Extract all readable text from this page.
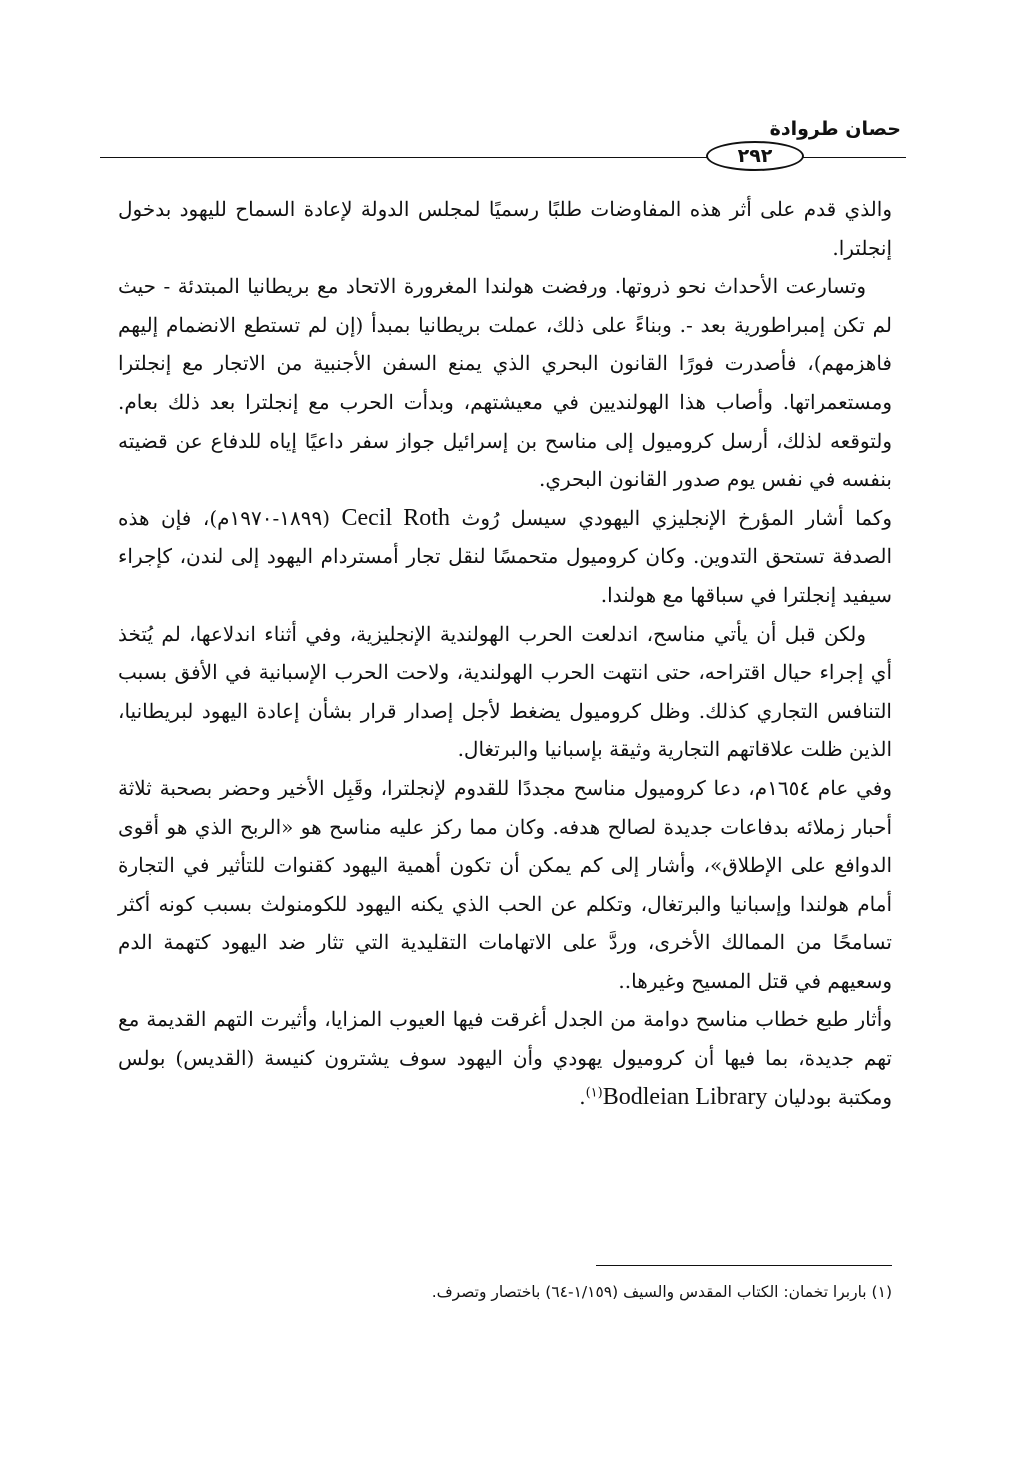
حصان طروادة
٢٩٢

والذي قدم على أثر هذه المفاوضات طلبًا رسميًا لمجلس الدولة لإعادة السماح لليهود بدخول إنجلترا.

وتسارعت الأحداث نحو ذروتها. ورفضت هولندا المغرورة الاتحاد مع بريطانيا المبتدئة - حيث لم تكن إمبراطورية بعد -. وبناءً على ذلك، عملت بريطانيا بمبدأ (إن لم تستطع الانضمام إليهم فاهزمهم)، فأصدرت فورًا القانون البحري الذي يمنع السفن الأجنبية من الاتجار مع إنجلترا ومستعمراتها. وأصاب هذا الهولنديين في معيشتهم، وبدأت الحرب مع إنجلترا بعد ذلك بعام. ولتوقعه لذلك، أرسل كروميول إلى مناسح بن إسرائيل جواز سفر داعيًا إياه للدفاع عن قضيته بنفسه في نفس يوم صدور القانون البحري.

وكما أشار المؤرخ الإنجليزي اليهودي سيسل رُوث Cecil Roth (١٨٩٩-١٩٧٠م)، فإن هذه الصدفة تستحق التدوين. وكان كروميول متحمسًا لنقل تجار أمستردام اليهود إلى لندن، كإجراء سيفيد إنجلترا في سباقها مع هولندا.

ولكن قبل أن يأتي مناسح، اندلعت الحرب الهولندية الإنجليزية، وفي أثناء اندلاعها، لم يُتخذ أي إجراء حيال اقتراحه، حتى انتهت الحرب الهولندية، ولاحت الحرب الإسبانية في الأفق بسبب التنافس التجاري كذلك. وظل كروميول يضغط لأجل إصدار قرار بشأن إعادة اليهود لبريطانيا، الذين ظلت علاقاتهم التجارية وثيقة بإسبانيا والبرتغال.

وفي عام ١٦٥٤م، دعا كروميول مناسح مجددًا للقدوم لإنجلترا، وقَبِل الأخير وحضر بصحبة ثلاثة أحبار زملائه بدفاعات جديدة لصالح هدفه. وكان مما ركز عليه مناسح هو «الربح الذي هو أقوى الدوافع على الإطلاق»، وأشار إلى كم يمكن أن تكون أهمية اليهود كقنوات للتأثير في التجارة أمام هولندا وإسبانيا والبرتغال، وتكلم عن الحب الذي يكنه اليهود للكومنولث بسبب كونه أكثر تسامحًا من الممالك الأخرى، وردَّ على الاتهامات التقليدية التي تثار ضد اليهود كتهمة الدم وسعيهم في قتل المسيح وغيرها..

وأثار طبع خطاب مناسح دوامة من الجدل أغرقت فيها العيوب المزايا، وأثيرت التهم القديمة مع تهم جديدة، بما فيها أن كروميول يهودي وأن اليهود سوف يشترون كنيسة (القديس) بولس ومكتبة بودليان Bodleian Library$^{(١)}$.

(١) باربرا تخمان: الكتاب المقدس والسيف (١/١٥٩-٦٤) باختصار وتصرف.
